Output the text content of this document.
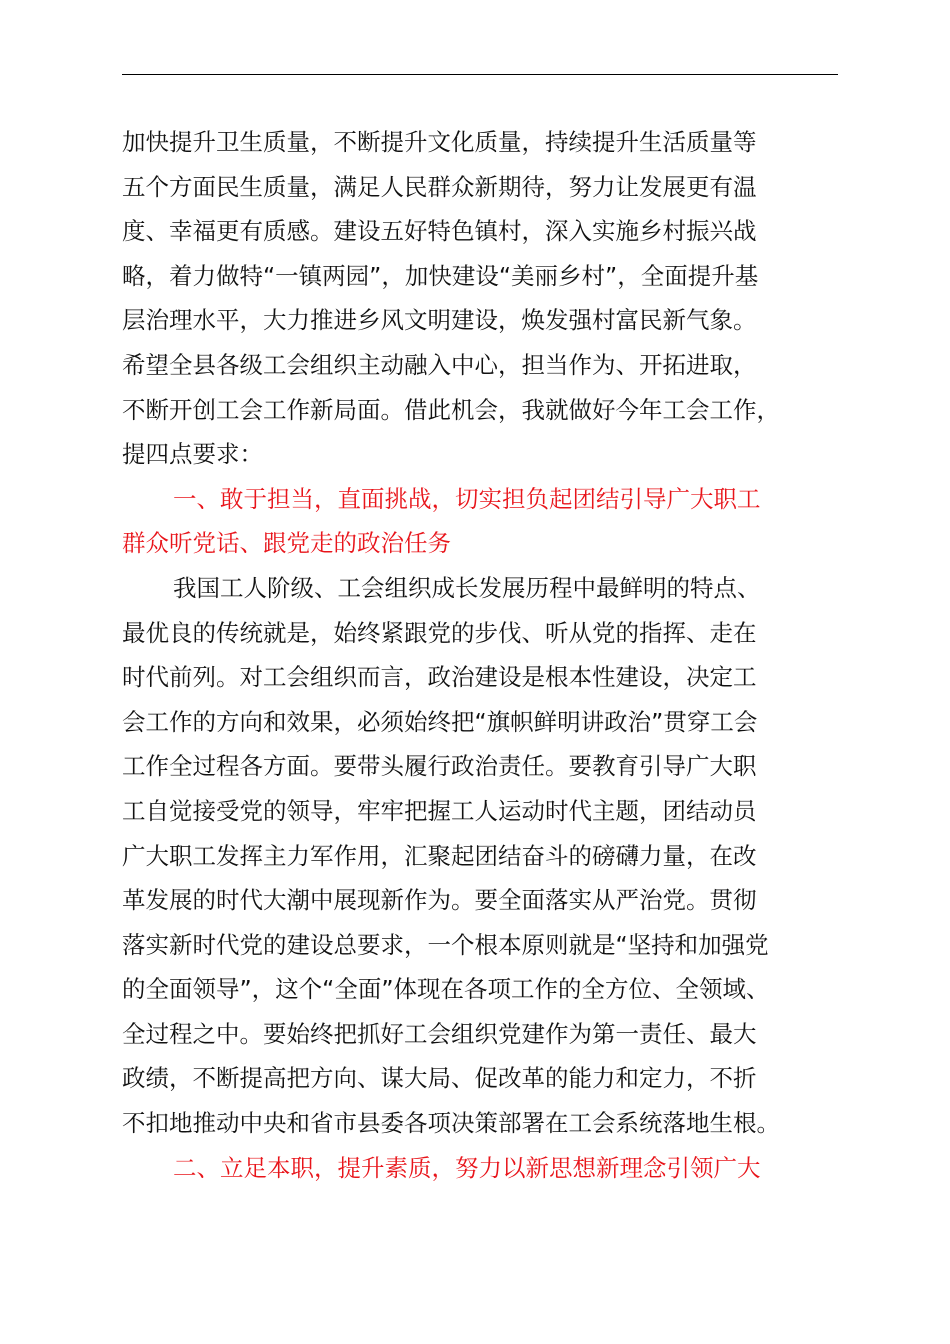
加快提升卫生质量，不断提升文化质量，持续提升生活质量等
五个方面民生质量，满足人民群众新期待，努力让发展更有温
度、幸福更有质感。建设五好特色镇村，深入实施乡村振兴战
略，着力做特“一镇两园”，加快建设“美丽乡村”，全面提升基
层治理水平，大力推进乡风文明建设，焕发强村富民新气象。
希望全县各级工会组织主动融入中心，担当作为、开拓进取，
不断开创工会工作新局面。借此机会，我就做好今年工会工作，
提四点要求：
一、敢于担当，直面挑战，切实担负起团结引导广大职工
群众听党话、跟党走的政治任务
我国工人阶级、工会组织成长发展历程中最鲜明的特点、
最优良的传统就是，始终紧跟党的步伐、听从党的指挥、走在
时代前列。对工会组织而言，政治建设是根本性建设，决定工
会工作的方向和效果，必须始终把“旗帜鲜明讲政治”贯穿工会
工作全过程各方面。要带头履行政治责任。要教育引导广大职
工自觉接受党的领导，牢牢把握工人运动时代主题，团结动员
广大职工发挥主力军作用，汇聚起团结奋斗的磅礴力量，在改
革发展的时代大潮中展现新作为。要全面落实从严治党。贯彻
落实新时代党的建设总要求，一个根本原则就是“坚持和加强党
的全面领导”，这个“全面”体现在各项工作的全方位、全领域、
全过程之中。要始终把抓好工会组织党建作为第一责任、最大
政绩，不断提高把方向、谋大局、促改革的能力和定力，不折
不扣地推动中央和省市县委各项决策部署在工会系统落地生根。
二、立足本职，提升素质，努力以新思想新理念引领广大
